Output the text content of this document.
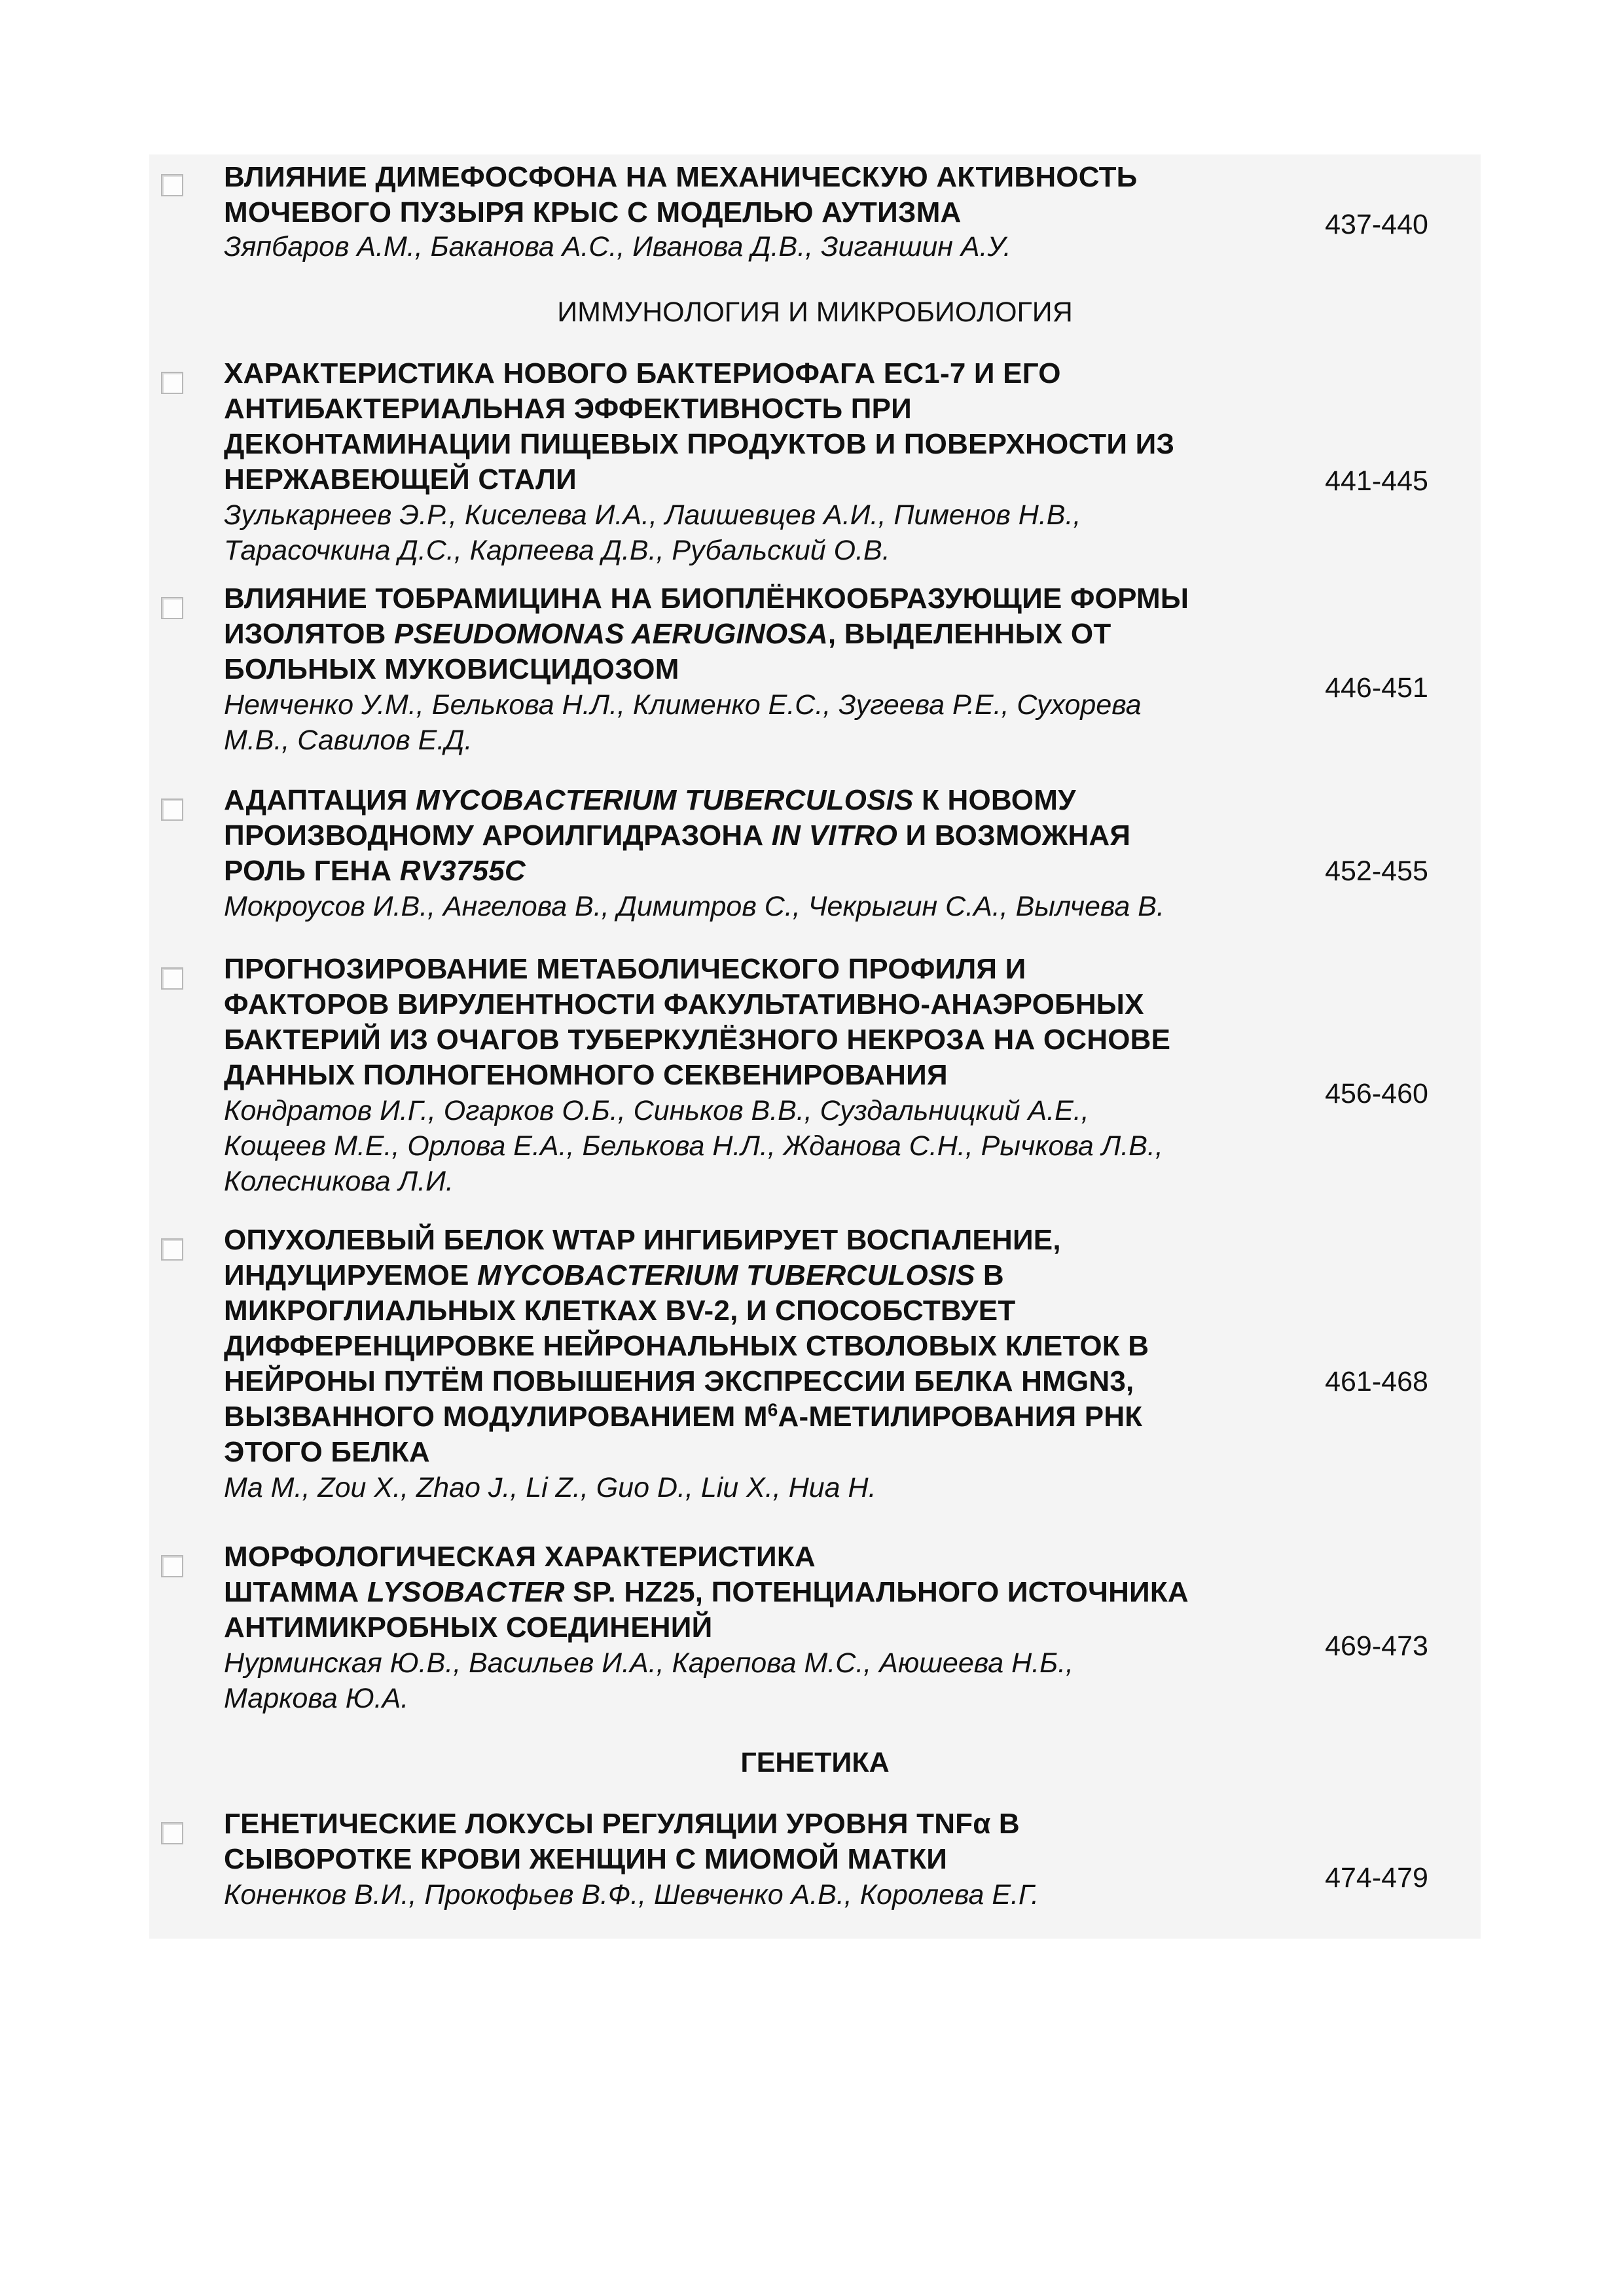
ВЛИЯНИЕ ДИМЕФОСФОНА НА МЕХАНИЧЕСКУЮ АКТИВНОСТЬ
МОЧЕВОГО ПУЗЫРЯ КРЫС С МОДЕЛЬЮ АУТИЗМА

Зяпбаров А.М., Баканова А.С., Иванова Д.В., Зиганшин А.У.

437-440
ИММУНОЛОГИЯ И МИКРОБИОЛОГИЯ

ХАРАКТЕРИСТИКА НОВОГО БАКТЕРИОФАГА EC1-7 И ЕГО
АНТИБАКТЕРИАЛЬНАЯ ЭФФЕКТИВНОСТЬ ПРИ
ДЕКОНТАМИНАЦИИ ПИЩЕВЫХ ПРОДУКТОВ И ПОВЕРХНОСТИ ИЗ
НЕРЖАВЕЮЩЕЙ СТАЛИ

Зулькарнеев Э.Р., Киселева И.А., Лаишевцев А.И., Пименов Н.В.,
Тарасочкина Д.С., Карпеева Д.В., Рубальский О.В.

441-445

ВЛИЯНИЕ ТОБРАМИЦИНА НА БИОПЛЁНКООБРАЗУЮЩИЕ ФОРМЫ
ИЗОЛЯТОВ PSEUDOMONAS AERUGINOSA, ВЫДЕЛЕННЫХ ОТ
БОЛЬНЫХ МУКОВИСЦИДОЗОМ

Немченко У.М., Белькова Н.Л., Клименко Е.С., Зугеева Р.Е., Сухорева
М.В., Савилов Е.Д.

446-451

АДАПТАЦИЯ MYCOBACTERIUM TUBERCULOSIS К НОВОМУ
ПРОИЗВОДНОМУ АРОИЛГИДРАЗОНА IN VITRO И ВОЗМОЖНАЯ
РОЛЬ ГЕНА RV3755C

Мокроусов И.В., Ангелова В., Димитров С., Чекрыгин С.А., Вылчева В.

452-455

ПРОГНОЗИРОВАНИЕ МЕТАБОЛИЧЕСКОГО ПРОФИЛЯ И
ФАКТОРОВ ВИРУЛЕНТНОСТИ ФАКУЛЬТАТИВНО-АНАЭРОБНЫХ
БАКТЕРИЙ ИЗ ОЧАГОВ ТУБЕРКУЛЁЗНОГО НЕКРОЗА НА ОСНОВЕ
ДАННЫХ ПОЛНОГЕНОМНОГО СЕКВЕНИРОВАНИЯ

Кондратов И.Г., Огарков О.Б., Синьков В.В., Суздальницкий А.Е.,
Кощеев М.Е., Орлова Е.А., Белькова Н.Л., Жданова С.Н., Рычкова Л.В.,
Колесникова Л.И.

456-460

ОПУХОЛЕВЫЙ БЕЛОК WTAP ИНГИБИРУЕТ ВОСПАЛЕНИЕ,
ИНДУЦИРУЕМОЕ MYCOBACTERIUM TUBERCULOSIS В
МИКРОГЛИАЛЬНЫХ КЛЕТКАХ BV-2, И СПОСОБСТВУЕТ
ДИФФЕРЕНЦИРОВКЕ НЕЙРОНАЛЬНЫХ СТВОЛОВЫХ КЛЕТОК В
НЕЙРОНЫ ПУТЁМ ПОВЫШЕНИЯ ЭКСПРЕССИИ БЕЛКА HMGN3,
ВЫЗВАННОГО МОДУЛИРОВАНИЕМ $M^6A$-МЕТИЛИРОВАНИЯ РНК
ЭТОГО БЕЛКА

Ma M., Zou X., Zhao J., Li Z., Guo D., Liu X., Hua H.

461-468

МОРФОЛОГИЧЕСКАЯ ХАРАКТЕРИСТИКА
ШТАММА LYSOBACTER SP. HZ25, ПОТЕНЦИАЛЬНОГО ИСТОЧНИКА
АНТИМИКРОБНЫХ СОЕДИНЕНИЙ

Нурминская Ю.В., Васильев И.А., Карепова М.С., Аюшеева Н.Б.,
Маркова Ю.А.

469-473
ГЕНЕТИКА

ГЕНЕТИЧЕСКИЕ ЛОКУСЫ РЕГУЛЯЦИИ УРОВНЯ TNFα В
СЫВОРОТКЕ КРОВИ ЖЕНЩИН С МИОМОЙ МАТКИ

Коненков В.И., Прокофьев В.Ф., Шевченко А.В., Королева Е.Г.

474-479
